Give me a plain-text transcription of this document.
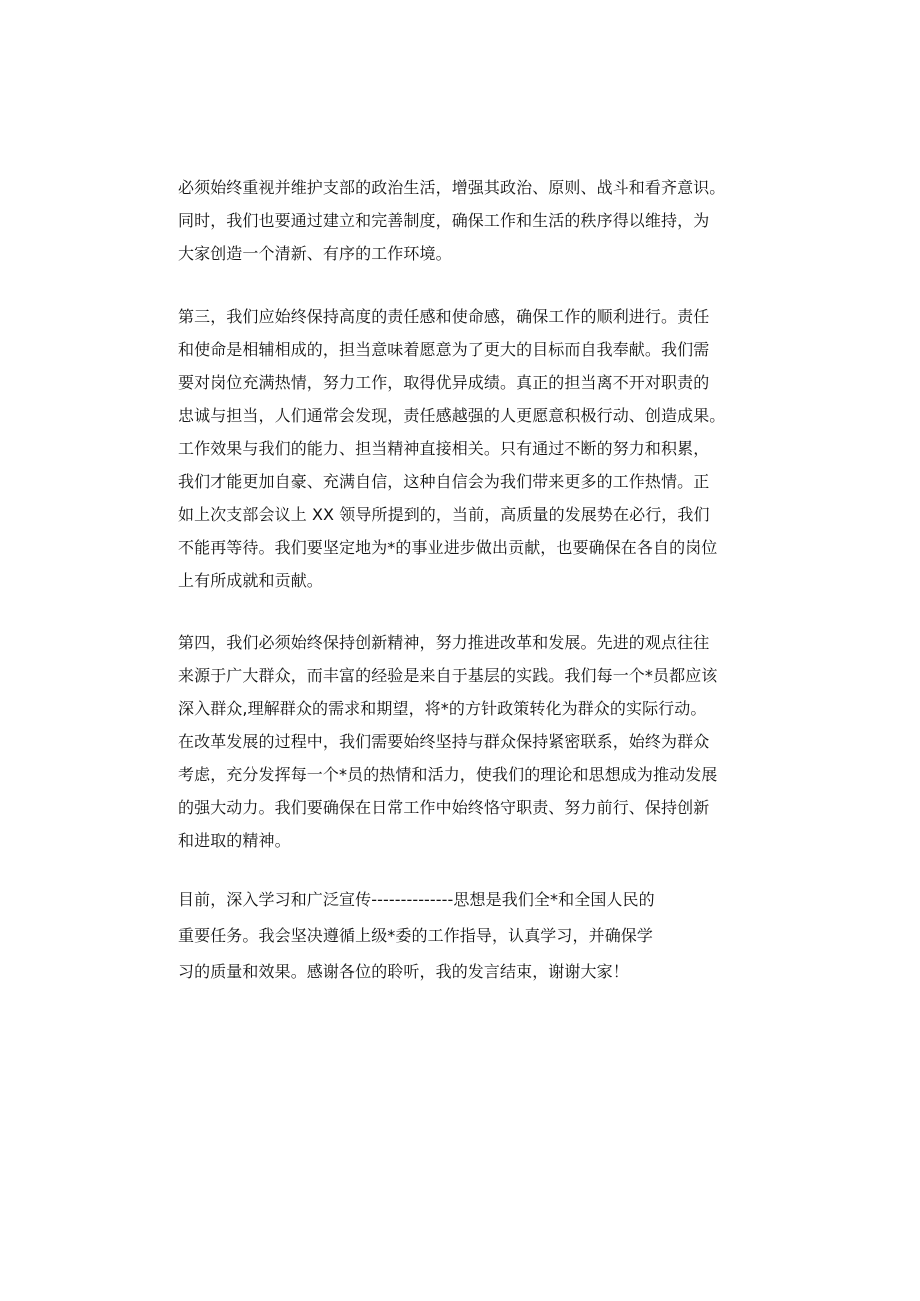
必须始终重视并维护支部的政治生活，增强其政治、原则、战斗和看齐意识。
同时，我们也要通过建立和完善制度，确保工作和生活的秩序得以维持，为
大家创造一个清新、有序的工作环境。
第三，我们应始终保持高度的责任感和使命感，确保工作的顺利进行。责任
和使命是相辅相成的，担当意味着愿意为了更大的目标而自我奉献。我们需
要对岗位充满热情，努力工作，取得优异成绩。真正的担当离不开对职责的
忠诚与担当，人们通常会发现，责任感越强的人更愿意积极行动、创造成果。
工作效果与我们的能力、担当精神直接相关。只有通过不断的努力和积累，
我们才能更加自豪、充满自信，这种自信会为我们带来更多的工作热情。正
如上次支部会议上 XX 领导所提到的，当前，高质量的发展势在必行，我们
不能再等待。我们要坚定地为*的事业进步做出贡献，也要确保在各自的岗位
上有所成就和贡献。
第四，我们必须始终保持创新精神，努力推进改革和发展。先进的观点往往
来源于广大群众，而丰富的经验是来自于基层的实践。我们每一个*员都应该
深入群众,理解群众的需求和期望，将*的方针政策转化为群众的实际行动。
在改革发展的过程中，我们需要始终坚持与群众保持紧密联系，始终为群众
考虑，充分发挥每一个*员的热情和活力，使我们的理论和思想成为推动发展
的强大动力。我们要确保在日常工作中始终恪守职责、努力前行、保持创新
和进取的精神。
目前，深入学习和广泛宣传--------------思想是我们全*和全国人民的
重要任务。我会坚决遵循上级*委的工作指导，认真学习，并确保学
习的质量和效果。感谢各位的聆听，我的发言结束，谢谢大家！
